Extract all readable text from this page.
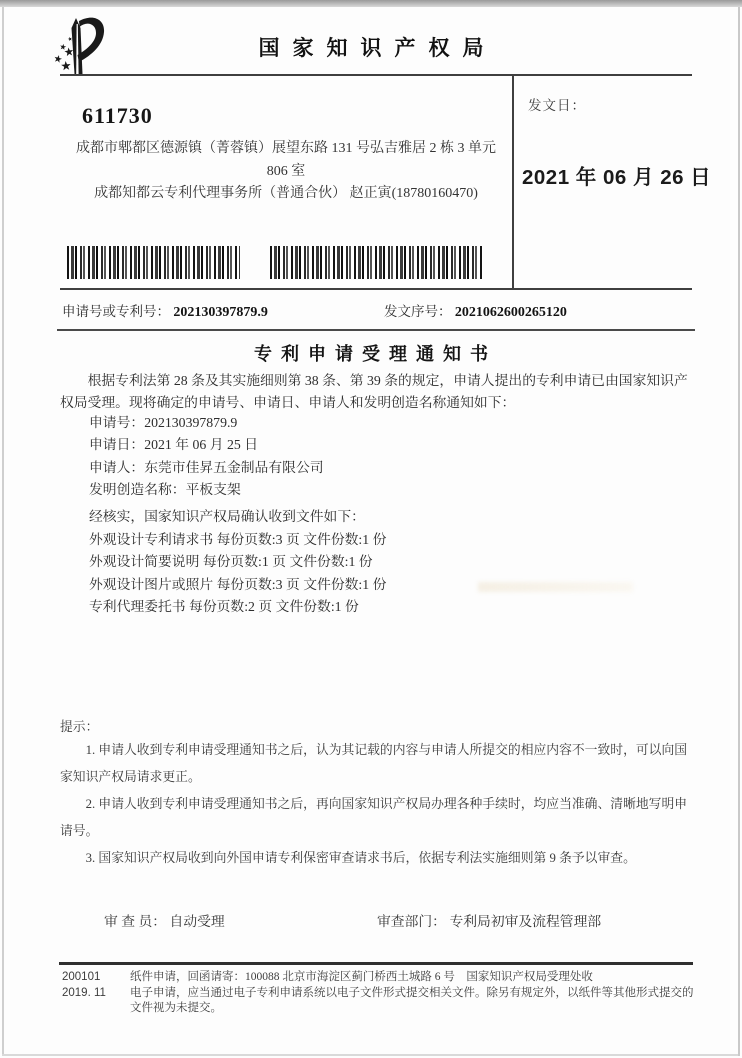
国家知识产权局
611730
成都市郫都区德源镇（菁蓉镇）展望东路 131 号弘吉雅居 2 栋 3 单元
806 室
成都知都云专利代理事务所（普通合伙） 赵正寅(18780160470)
发文日：
2021 年 06 月 26 日
申请号或专利号： 202130397879.9	发文序号： 2021062600265120
专利申请受理通知书
根据专利法第 28 条及其实施细则第 38 条、第 39 条的规定，申请人提出的专利申请已由国家知识产权局受理。现将确定的申请号、申请日、申请人和发明创造名称通知如下：
申请号：202130397879.9
申请日：2021 年 06 月 25 日
申请人：东莞市佳昇五金制品有限公司
发明创造名称：平板支架
经核实，国家知识产权局确认收到文件如下：
外观设计专利请求书 每份页数:3 页 文件份数:1 份
外观设计简要说明 每份页数:1 页 文件份数:1 份
外观设计图片或照片 每份页数:3 页 文件份数:1 份
专利代理委托书 每份页数:2 页 文件份数:1 份
提示：

1. 申请人收到专利申请受理通知书之后，认为其记载的内容与申请人所提交的相应内容不一致时，可以向国家知识产权局请求更正。

2. 申请人收到专利申请受理通知书之后，再向国家知识产权局办理各种手续时，均应当准确、清晰地写明申请号。

3. 国家知识产权局收到向外国申请专利保密审查请求书后，依据专利法实施细则第 9 条予以审查。

审 查 员： 自动受理	审查部门： 专利局初审及流程管理部
200101	纸件申请，回函请寄：100088 北京市海淀区蓟门桥西土城路 6 号　国家知识产权局受理处收
2019. 11	电子申请，应当通过电子专利申请系统以电子文件形式提交相关文件。除另有规定外，以纸件等其他形式提交的文件视为未提交。
